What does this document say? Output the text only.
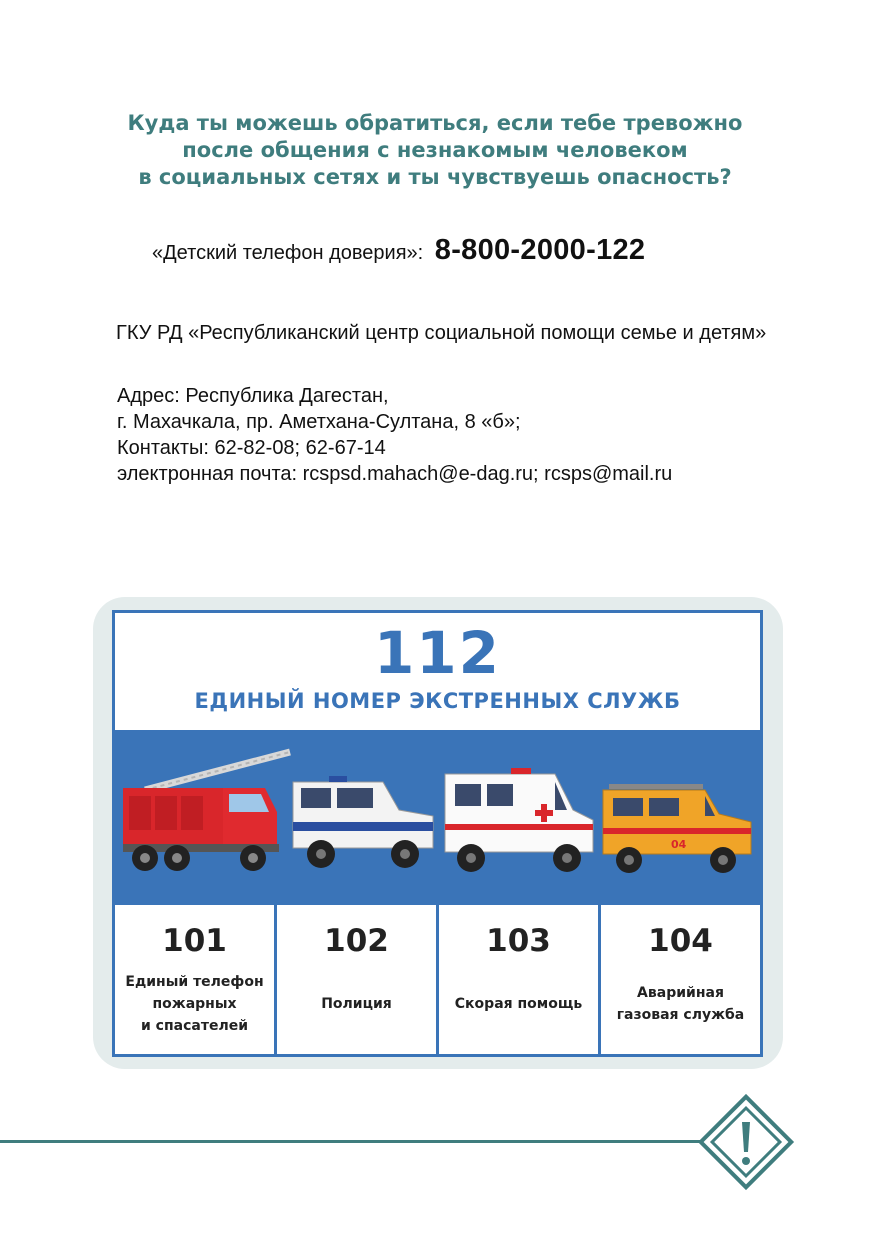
Куда ты можешь обратиться, если тебе тревожно
после общения с незнакомым человеком
в социальных сетях и ты чувствуешь опасность?
«Детский телефон доверия»: 8-800-2000-122
ГКУ РД «Республиканский центр социальной помощи семье и детям»
Адрес: Республика Дагестан,
г. Махачкала, пр. Аметхана-Султана, 8 «б»;
Контакты: 62-82-08; 62-67-14
электронная почта: rcspsd.mahach@e-dag.ru; rcsps@mail.ru
112
ЕДИНЫЙ НОМЕР ЭКСТРЕННЫХ СЛУЖБ
04
101
Единый телефон
пожарных
и спасателей
102
Полиция
103
Скорая помощь
104
Аварийная
газовая служба
